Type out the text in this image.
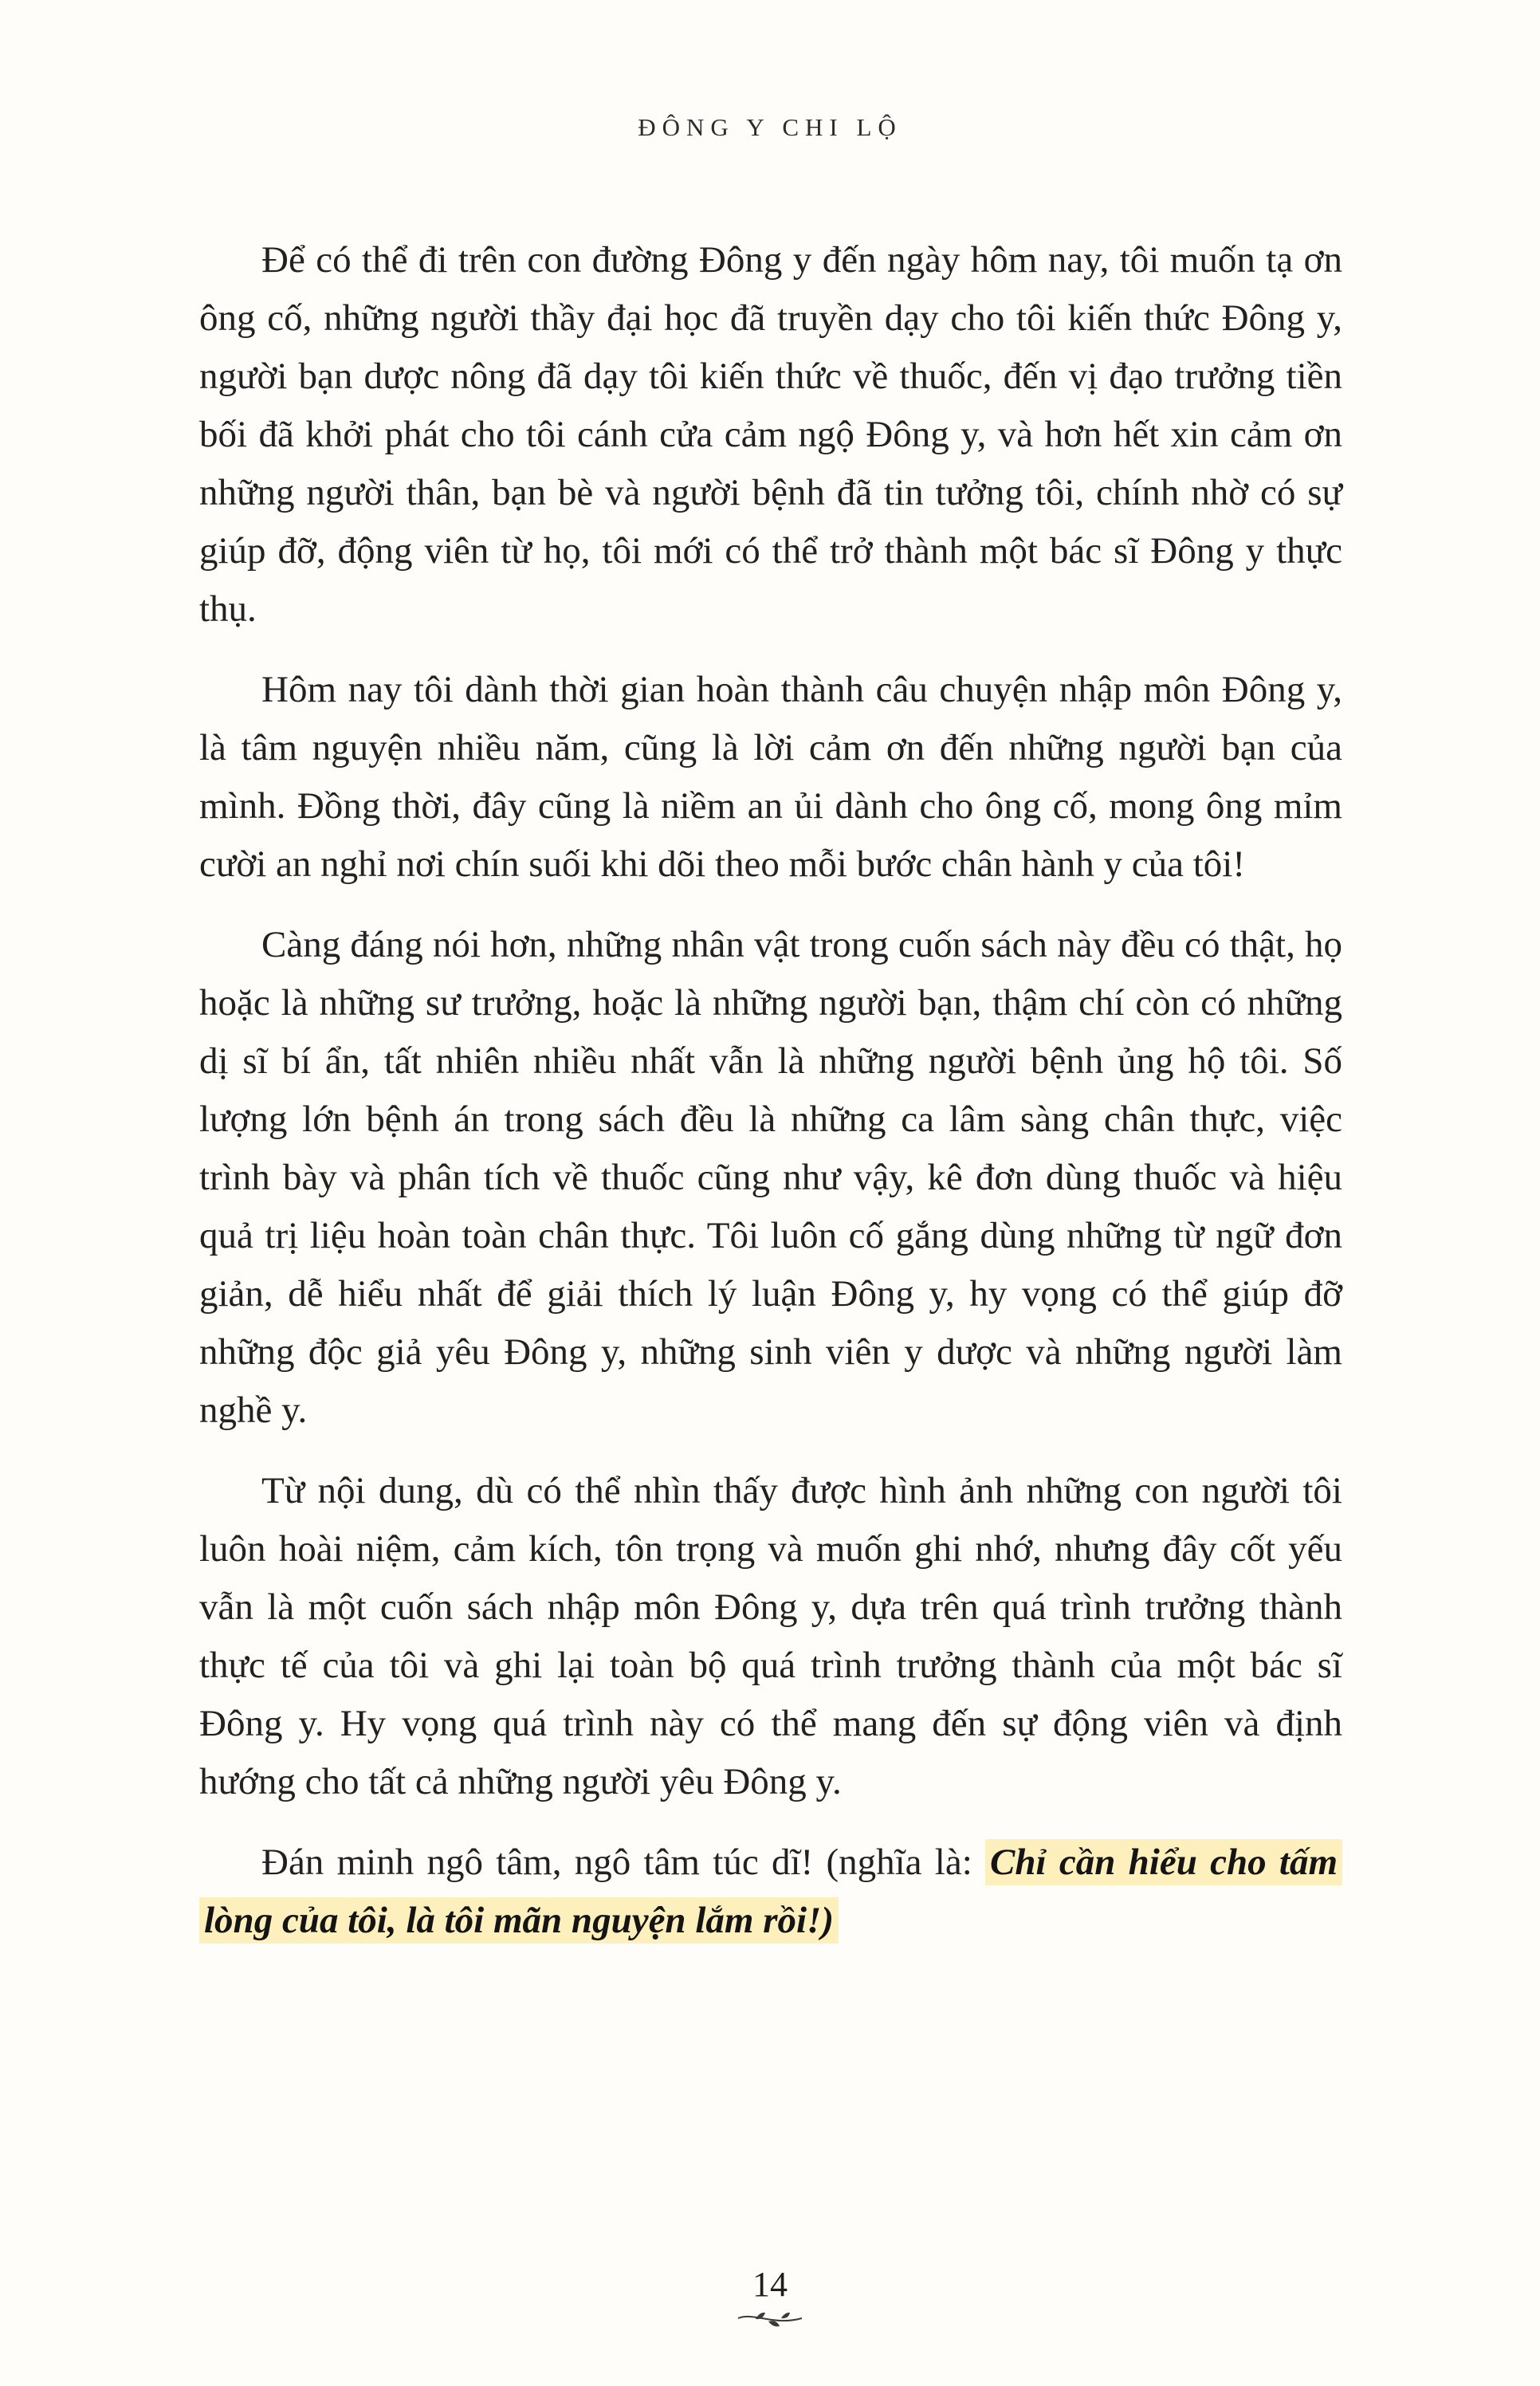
ĐÔNG Y CHI LỘ

Để có thể đi trên con đường Đông y đến ngày hôm nay, tôi muốn tạ ơn ông cố, những người thầy đại học đã truyền dạy cho tôi kiến thức Đông y, người bạn dược nông đã dạy tôi kiến thức về thuốc, đến vị đạo trưởng tiền bối đã khởi phát cho tôi cánh cửa cảm ngộ Đông y, và hơn hết xin cảm ơn những người thân, bạn bè và người bệnh đã tin tưởng tôi, chính nhờ có sự giúp đỡ, động viên từ họ, tôi mới có thể trở thành một bác sĩ Đông y thực thụ.

Hôm nay tôi dành thời gian hoàn thành câu chuyện nhập môn Đông y, là tâm nguyện nhiều năm, cũng là lời cảm ơn đến những người bạn của mình. Đồng thời, đây cũng là niềm an ủi dành cho ông cố, mong ông mỉm cười an nghỉ nơi chín suối khi dõi theo mỗi bước chân hành y của tôi!

Càng đáng nói hơn, những nhân vật trong cuốn sách này đều có thật, họ hoặc là những sư trưởng, hoặc là những người bạn, thậm chí còn có những dị sĩ bí ẩn, tất nhiên nhiều nhất vẫn là những người bệnh ủng hộ tôi. Số lượng lớn bệnh án trong sách đều là những ca lâm sàng chân thực, việc trình bày và phân tích về thuốc cũng như vậy, kê đơn dùng thuốc và hiệu quả trị liệu hoàn toàn chân thực. Tôi luôn cố gắng dùng những từ ngữ đơn giản, dễ hiểu nhất để giải thích lý luận Đông y, hy vọng có thể giúp đỡ những độc giả yêu Đông y, những sinh viên y dược và những người làm nghề y.

Từ nội dung, dù có thể nhìn thấy được hình ảnh những con người tôi luôn hoài niệm, cảm kích, tôn trọng và muốn ghi nhớ, nhưng đây cốt yếu vẫn là một cuốn sách nhập môn Đông y, dựa trên quá trình trưởng thành thực tế của tôi và ghi lại toàn bộ quá trình trưởng thành của một bác sĩ Đông y. Hy vọng quá trình này có thể mang đến sự động viên và định hướng cho tất cả những người yêu Đông y.

Đán minh ngô tâm, ngô tâm túc dĩ! (nghĩa là: Chỉ cần hiểu cho tấm lòng của tôi, là tôi mãn nguyện lắm rồi!)

14
